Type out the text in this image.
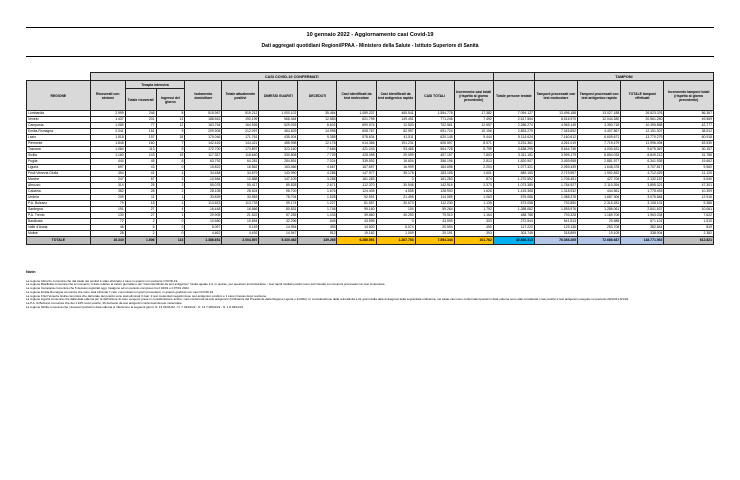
10 gennaio 2022 - Aggiornamento casi Covid-19
Dati aggregati quotidiani Regioni/PPAA - Ministero della Salute - Istituto Superiore di Sanità
	CASI COVID-19 CONFERMATI												TAMPONI			
REGIONE	Ricoverati con sintomi	Terapia intensiva		Isolamento domiciliare	Totale attualmente positivi	DIMESSI GUARITI	DECEDUTI	Casi identificati da test molecolare	Casi identificati da test antigenico rapido	CASI TOTALI	Incremento casi totali (rispetto al giorno precedente)	Totale persone testate	Tamponi processati con test molecolare	Tamponi processati con test antigenico rapido	TOTALE tamponi effettuati	Incremento tamponi totali (rispetto al giorno precedente)
		Totale ricoverati	Ingressi del giorno													
Lombardia	2.999	246	8	515.967	519.212	1.000.102	35.464	1.089.237	465.541	1.554.778	17.382	7.094.127	13.496.188	13.027.188	26.523.376	86.367
Veneto	1.437	201	13	188.561	190.199	568.464	12.583	621.795	149.451	771.246	7.492	2.517.564	8.516.970	12.044.280	20.561.250	49.569
Campania	1.085	77	12	163.764	164.926	529.033	8.602	690.074	12.500	702.561	12.557	2.286.274	4.965.145	3.350.718	10.395.858	42.777
Emilia-Romagna	2.041	151	9	209.905	212.097	464.629	14.998	608.767	82.957	691.724	10.156	2.853.279	7.345.692	4.407.867	12.151.307	38.512
Lazio	1.518	197	18	170.046	171.761	435.004	9.385	578.634	41.511	620.145	9.444	5.114.624	7.160.612	6.609.671	13.770.279	60.918
Piemonte	1.845	160	7	142.416	144.421	488.998	12.178	614.366	191.231	605.597	8.571	3.231.361	4.261.019	7.719.479	11.996.494	63.530
Toscana	1.084	113	5	172.700	173.897	323.160	7.665	421.243	93.485	504.728	5.799	3.638.299	5.644.736	4.030.631	9.675.367	30.157
Sicilia	1.160	143	15	117.337	118.640	330.808	7.709	428.098	29.059	457.157	7.803	3.311.181	3.995.179	8.854.033	8.849.212	31.786
Puglia	444	45	8	63.792	64.281	284.891	7.024	339.592	16.604	356.196	2.813	1.820.907	3.459.958	2.881.977	6.341.935	19.662
Liguria	697	43	0	15.822	16.562	163.466	4.667	167.697	16.999	184.696	2.204	1.077.321	2.059.439	1.648.378	3.707.817	9.560
Friuli Venezia Giulia	354	41	4	34.484	34.879	143.990	4.286	147.977	35.178	183.155	1.601	689.150	2.719.597	1.992.832	4.712.429	11.120
Marche	247	57	3	10.584	10.888	147.109	3.288	161.283	0	161.283	874	1.270.552	1.706.451	427.706	2.132.157	5.540
Abruzzo	314	25	2	50.078	50.417	89.828	2.671	112.370	30.546	142.916	2.373	1.073.385	1.784.927	2.110.394	3.895.321	47.301
Calabria	382	28	2	28.108	28.524	98.700	1.676	124.405	4.555	128.900	1.626	1.415.368	1.318.932	444.561	1.778.493	10.309
Umbria	209	11	1	33.839	33.953	78.704	1.528	92.591	21.498	114.089	1.063	575.086	1.388.378	1.687.306	3.075.684	12.916
P.A. Bolzano	79	18	1	113.633	113.733	99.174	1.227	81.557	30.673	112.230	1.135	573.058	792.850	2.315.281	3.108.131	9.386
Sardegna	191	27	4	16.448	16.666	80.831	1.746	99.160	104	99.264	1.792	1.288.082	1.555.576	1.286.061	2.841.637	10.061
P.A. Trento	130	27	1	20.905	21.522	57.255	1.433	39.660	40.250	79.910	1.164	488.788	793.328	1.169.706	1.963.034	7.622
Basilicata	72	2	0	10.580	10.654	32.296	645	43.595	0	43.595	303	272.544	541.513	29.588	571.101	1.510
Valle d'Aosta	46	6	0	5.097	5.149	14.954	493	14.520	6.074	20.594	450	117.222	129.136	253.708	382.844	819
Molise	28	2	0	4.462	4.492	14.947	512	19.182	1.009	20.191	393	303.745	318.899	19.105	338.004	2.382
TOTALE	16.340	1.606	114	1.386.651	2.004.597	5.430.462	139.265	6.286.591	1.267.753	7.554.344	101.762	42.856.313	76.085.265	72.686.687	148.771.952	612.821
Note:

La regione Abruzzo comunica che dal totale dei positivi è stato eliminato 1 caso in quanto non paziente COVID-19.

La regione Basilicata comunica che al momento, il dato relativo al valore giornaliero dei "Casi identificati da test antigenico" risulta uguale a 0, in quanto, per questioni amministrative, i test rapidi risultati positivi sono tutti ritestati con tamponi processati con test molecolare.

La regione Campania comunica che 5 decessi registrati oggi, risalgono ad un periodo compreso tra il 04/01 e il 07/01 2022.

La regione Emilia-Romagna comunica che sono stati eliminati 7 casi, comunicati nei giorni precedenti, in quanto giudicati non casi COVID-19.

La regione Friuli Venezia Giulia comunica che dal totale dei positivi sono stati eliminati 3 casi: 2 test molecolari negativi dopo test antigenico positivo e 1 caso rimosso dopo revisione.

La regione Liguria comunica che dalla data odierna per la definizione di caso vengono prese in considerazione anche i casi confermati da test antigenico (Ordinanza del Presidente della Regione Liguria n.1/2022). In considerazione della retroattività a 21 giorni dalla data di diagnosi della sopracitata ordinanza, nel totale casi sono confermati riportati in data odierna sono stati considerati i casi positivi a test antigenico eseguito nel periodo 20/12/21-9/1/22.

La P.A. di Bolzano comunica che dei 1.105 nuovi positivi, 26 derivano da test antigenici confermati da test molecolare.

La regione Sicilia comunica che i decessi riportati in data odierna si riferiscono ai seguenti giorni: N. 13 01/01/22 - N. 7 03/01/22 - N. 14 7 08/01/22 - N. 1 8 09/11/21
